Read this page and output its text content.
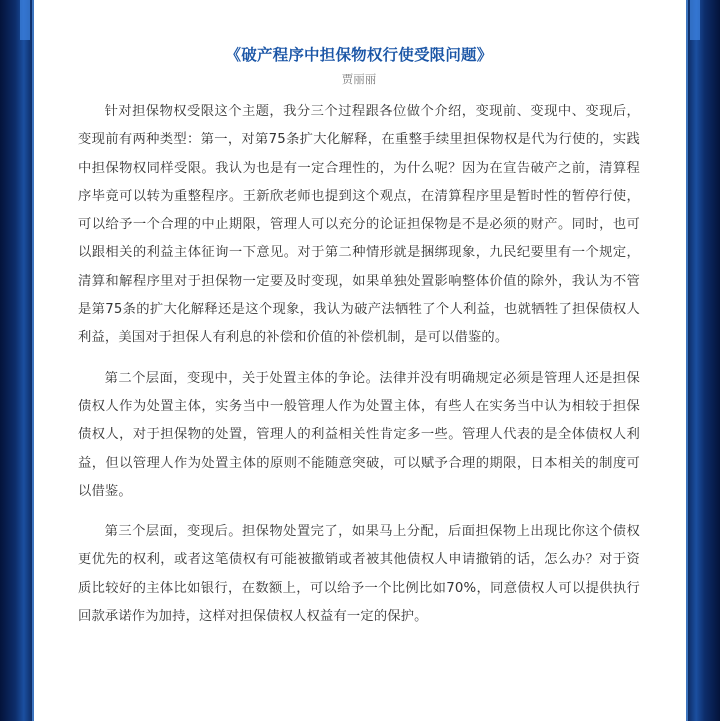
《破产程序中担保物权行使受限问题》
贾丽丽

针对担保物权受限这个主题，我分三个过程跟各位做个介绍，变现前、变现中、变现后，变现前有两种类型：第一，对第75条扩大化解释，在重整手续里担保物权是代为行使的，实践中担保物权同样受限。我认为也是有一定合理性的，为什么呢？因为在宣告破产之前，清算程序毕竟可以转为重整程序。王新欣老师也提到这个观点，在清算程序里是暂时性的暂停行使，可以给予一个合理的中止期限，管理人可以充分的论证担保物是不是必须的财产。同时，也可以跟相关的利益主体征询一下意见。对于第二种情形就是捆绑现象，九民纪要里有一个规定，清算和解程序里对于担保物一定要及时变现，如果单独处置影响整体价值的除外，我认为不管是第75条的扩大化解释还是这个现象，我认为破产法牺牲了个人利益，也就牺牲了担保债权人利益，美国对于担保人有利息的补偿和价值的补偿机制，是可以借鉴的。

第二个层面，变现中，关于处置主体的争论。法律并没有明确规定必须是管理人还是担保债权人作为处置主体，实务当中一般管理人作为处置主体，有些人在实务当中认为相较于担保债权人，对于担保物的处置，管理人的利益相关性肯定多一些。管理人代表的是全体债权人利益，但以管理人作为处置主体的原则不能随意突破，可以赋予合理的期限，日本相关的制度可以借鉴。

第三个层面，变现后。担保物处置完了，如果马上分配，后面担保物上出现比你这个债权更优先的权利，或者这笔债权有可能被撤销或者被其他债权人申请撤销的话，怎么办？对于资质比较好的主体比如银行，在数额上，可以给予一个比例比如70%，同意债权人可以提供执行回款承诺作为加持，这样对担保债权人权益有一定的保护。
